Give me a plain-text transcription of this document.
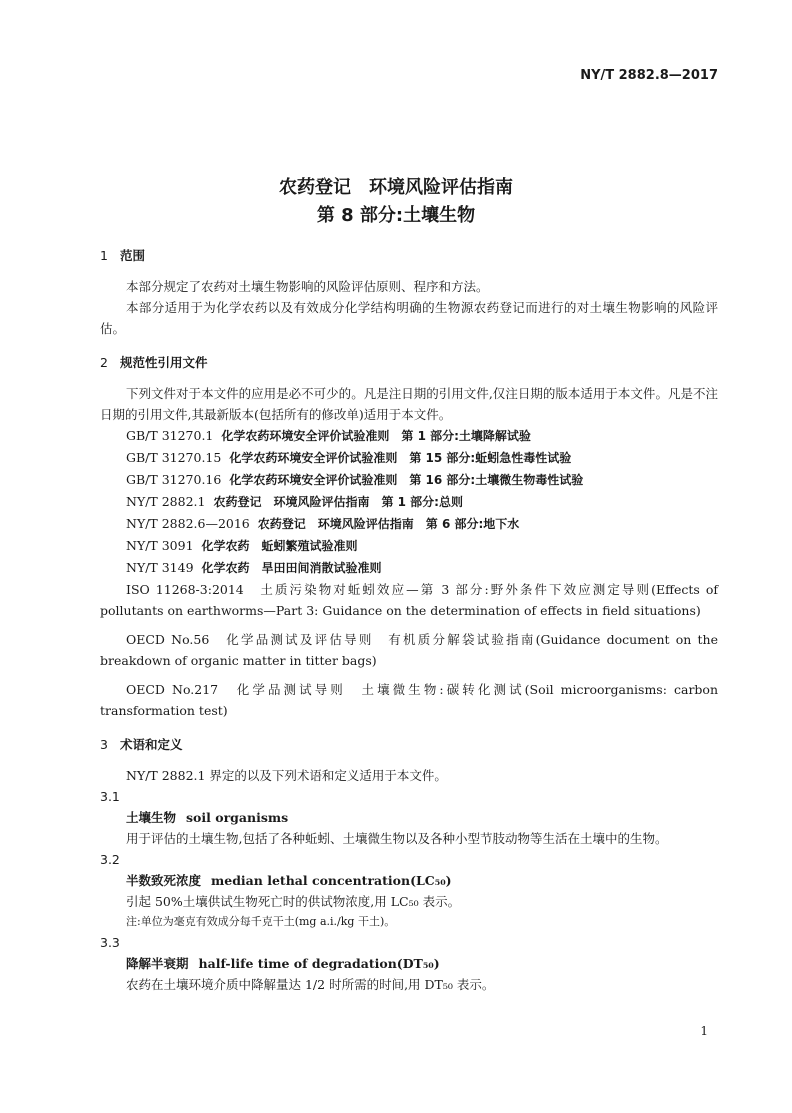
NY/T 2882.8—2017
农药登记　环境风险评估指南
第 8 部分:土壤生物
1 范围

本部分规定了农药对土壤生物影响的风险评估原则、程序和方法。

本部分适用于为化学农药以及有效成分化学结构明确的生物源农药登记而进行的对土壤生物影响的风险评估。

2 规范性引用文件

下列文件对于本文件的应用是必不可少的。凡是注日期的引用文件,仅注日期的版本适用于本文件。凡是不注日期的引用文件,其最新版本(包括所有的修改单)适用于本文件。

GB/T 31270.1 化学农药环境安全评价试验准则　第 1 部分:土壤降解试验
GB/T 31270.15 化学农药环境安全评价试验准则　第 15 部分:蚯蚓急性毒性试验
GB/T 31270.16 化学农药环境安全评价试验准则　第 16 部分:土壤微生物毒性试验
NY/T 2882.1 农药登记　环境风险评估指南　第 1 部分:总则
NY/T 2882.6—2016 农药登记　环境风险评估指南　第 6 部分:地下水
NY/T 3091 化学农药　蚯蚓繁殖试验准则
NY/T 3149 化学农药　旱田田间消散试验准则

ISO 11268-3:2014　土质污染物对蚯蚓效应—第 3 部分:野外条件下效应测定导则(Effects of pollutants on earthworms—Part 3: Guidance on the determination of effects in field situations)

OECD No.56　化学品测试及评估导则　有机质分解袋试验指南(Guidance document on the breakdown of organic matter in titter bags)

OECD No.217　化学品测试导则　土壤微生物:碳转化测试(Soil microorganisms: carbon transformation test)

3 术语和定义

NY/T 2882.1 界定的以及下列术语和定义适用于本文件。

3.1
土壤生物 soil organisms

用于评估的土壤生物,包括了各种蚯蚓、土壤微生物以及各种小型节肢动物等生活在土壤中的生物。

3.2
半数致死浓度 median lethal concentration(LC₅₀)

引起 50%土壤供试生物死亡时的供试物浓度,用 LC₅₀ 表示。

注:单位为毫克有效成分每千克干土(mg a.i./kg 干土)。

3.3
降解半衰期 half-life time of degradation(DT₅₀)

农药在土壤环境介质中降解量达 1/2 时所需的时间,用 DT₅₀ 表示。

1
